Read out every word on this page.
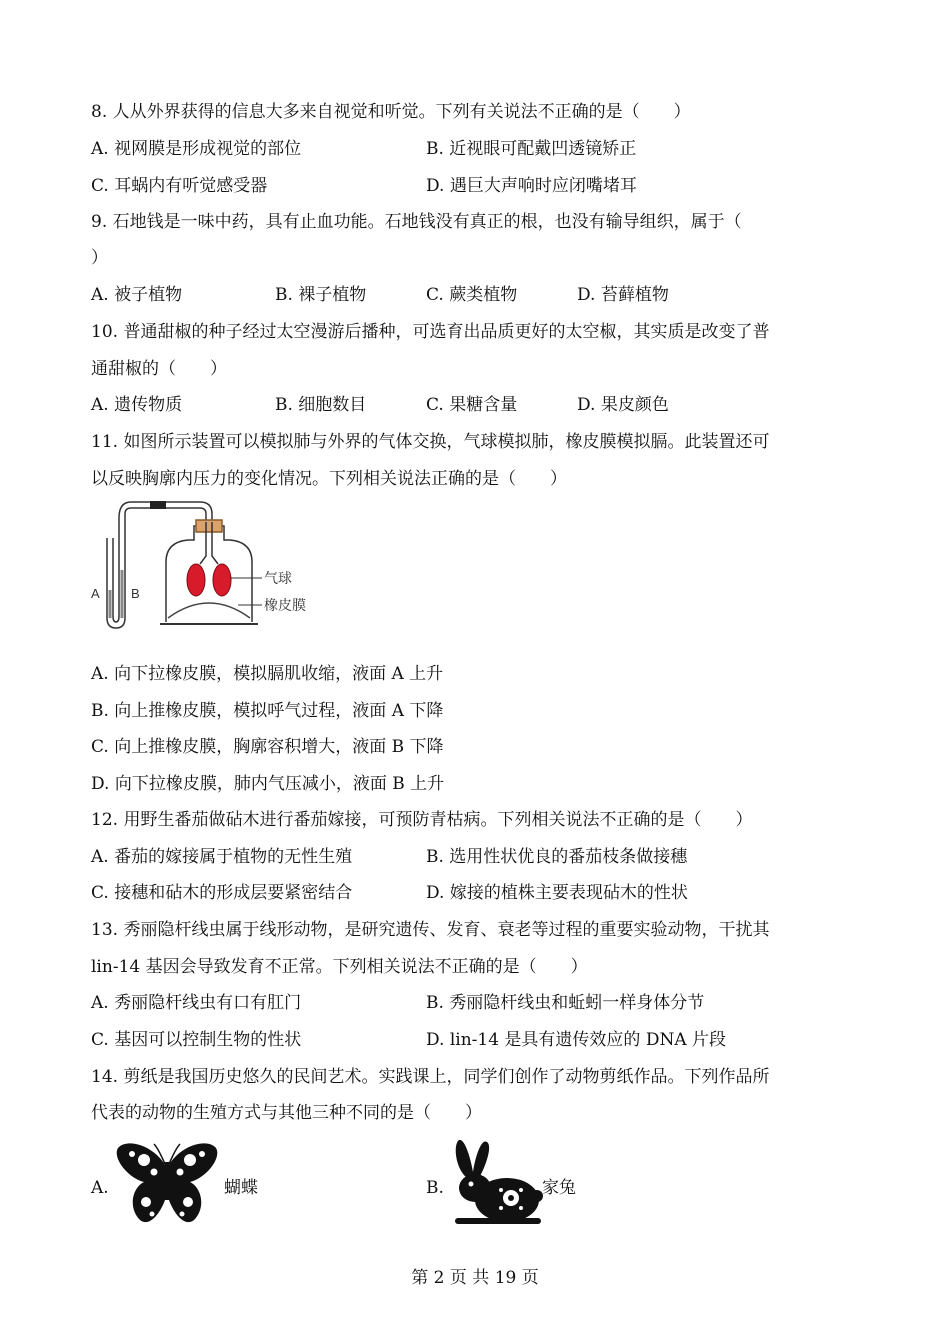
8. 人从外界获得的信息大多来自视觉和听觉。下列有关说法不正确的是（　　）
A. 视网膜是形成视觉的部位	B. 近视眼可配戴凹透镜矫正
C. 耳蜗内有听觉感受器	D. 遇巨大声响时应闭嘴堵耳
9. 石地钱是一味中药，具有止血功能。石地钱没有真正的根，也没有输导组织，属于（
）
A. 被子植物	B. 裸子植物	C. 蕨类植物	D. 苔藓植物
10. 普通甜椒的种子经过太空漫游后播种，可选育出品质更好的太空椒，其实质是改变了普
通甜椒的（　　）
A. 遗传物质	B. 细胞数目	C. 果糖含量	D. 果皮颜色
11. 如图所示装置可以模拟肺与外界的气体交换，气球模拟肺，橡皮膜模拟膈。此装置还可
以反映胸廓内压力的变化情况。下列相关说法正确的是（　　）
A B
气球
橡皮膜
A. 向下拉橡皮膜，模拟膈肌收缩，液面 A 上升
B. 向上推橡皮膜，模拟呼气过程，液面 A 下降
C. 向上推橡皮膜，胸廓容积增大，液面 B 下降
D. 向下拉橡皮膜，肺内气压减小，液面 B 上升
12. 用野生番茄做砧木进行番茄嫁接，可预防青枯病。下列相关说法不正确的是（　　）
A. 番茄的嫁接属于植物的无性生殖	B. 选用性状优良的番茄枝条做接穗
C. 接穗和砧木的形成层要紧密结合	D. 嫁接的植株主要表现砧木的性状
13. 秀丽隐杆线虫属于线形动物，是研究遗传、发育、衰老等过程的重要实验动物，干扰其
lin-14 基因会导致发育不正常。下列相关说法不正确的是（　　）
A. 秀丽隐杆线虫有口有肛门	B. 秀丽隐杆线虫和蚯蚓一样身体分节
C. 基因可以控制生物的性状	D. lin-14 是具有遗传效应的 DNA 片段
14. 剪纸是我国历史悠久的民间艺术。实践课上，同学们创作了动物剪纸作品。下列作品所
代表的动物的生殖方式与其他三种不同的是（　　）
A.	蝴蝶	B.	家兔
第 2 页 共 19 页
